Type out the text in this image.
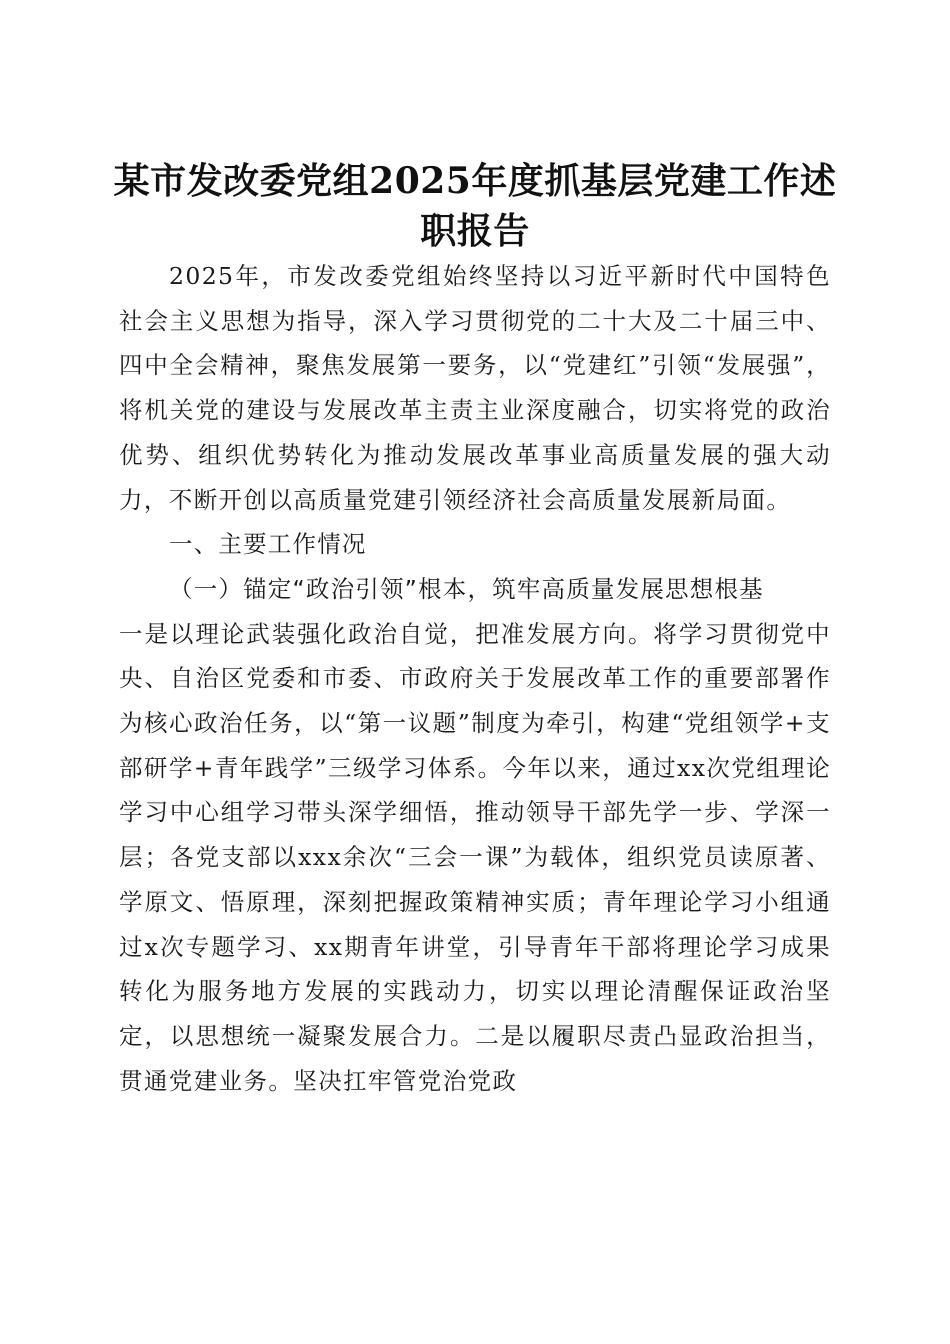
某市发改委党组2025年度抓基层党建工作述职报告

2025年，市发改委党组始终坚持以习近平新时代中国特色社会主义思想为指导，深入学习贯彻党的二十大及二十届三中、四中全会精神，聚焦发展第一要务，以“党建红”引领“发展强”，将机关党的建设与发展改革主责主业深度融合，切实将党的政治优势、组织优势转化为推动发展改革事业高质量发展的强大动力，不断开创以高质量党建引领经济社会高质量发展新局面。

一、主要工作情况

（一）锚定“政治引领”根本，筑牢高质量发展思想根基

一是以理论武装强化政治自觉，把准发展方向。将学习贯彻党中央、自治区党委和市委、市政府关于发展改革工作的重要部署作为核心政治任务，以“第一议题”制度为牵引，构建“党组领学+支部研学+青年践学”三级学习体系。今年以来，通过xx次党组理论学习中心组学习带头深学细悟，推动领导干部先学一步、学深一层；各党支部以xxx余次“三会一课”为载体，组织党员读原著、学原文、悟原理，深刻把握政策精神实质；青年理论学习小组通过x次专题学习、xx期青年讲堂，引导青年干部将理论学习成果转化为服务地方发展的实践动力，切实以理论清醒保证政治坚定，以思想统一凝聚发展合力。二是以履职尽责凸显政治担当，贯通党建业务。坚决扛牢管党治党政
